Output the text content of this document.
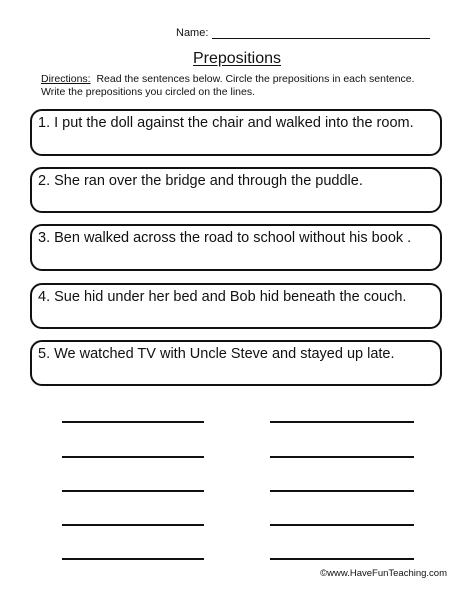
Name:
Prepositions
Directions: Read the sentences below. Circle the prepositions in each sentence.
Write the prepositions you circled on the lines.
1. I put the doll against the chair and walked into the room.
2. She ran over the bridge and through the puddle.
3. Ben walked across the road to school without his book .
4. Sue hid under her bed and Bob hid beneath the couch.
5. We watched TV with Uncle Steve and stayed up late.
©www.HaveFunTeaching.com
